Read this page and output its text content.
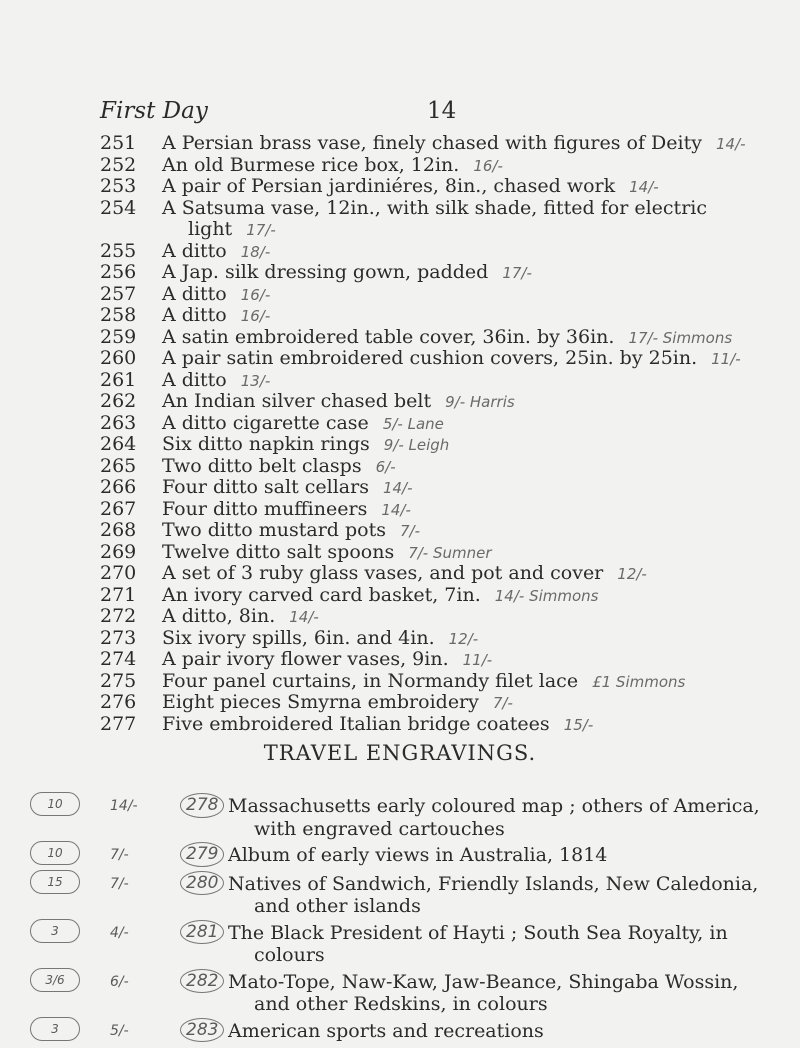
First Day	14
251 A Persian brass vase, finely chased with figures of Deity 14/-
252 An old Burmese rice box, 12in. 16/-
253 A pair of Persian jardiniéres, 8in., chased work 14/-
254 A Satsuma vase, 12in., with silk shade, fitted for electric
light 17/-
255 A ditto 18/-
256 A Jap. silk dressing gown, padded 17/-
257 A ditto 16/-
258 A ditto 16/-
259 A satin embroidered table cover, 36in. by 36in. 17/- Simmons
260 A pair satin embroidered cushion covers, 25in. by 25in. 11/-
261 A ditto 13/-
262 An Indian silver chased belt 9/- Harris
263 A ditto cigarette case 5/- Lane
264 Six ditto napkin rings 9/- Leigh
265 Two ditto belt clasps 6/-
266 Four ditto salt cellars 14/-
267 Four ditto muffineers 14/-
268 Two ditto mustard pots 7/-
269 Twelve ditto salt spoons 7/- Sumner
270 A set of 3 ruby glass vases, and pot and cover 12/-
271 An ivory carved card basket, 7in. 14/- Simmons
272 A ditto, 8in. 14/-
273 Six ivory spills, 6in. and 4in. 12/-
274 A pair ivory flower vases, 9in. 11/-
275 Four panel curtains, in Normandy filet lace £1 Simmons
276 Eight pieces Smyrna embroidery 7/-
277 Five embroidered Italian bridge coatees 15/-
TRAVEL ENGRAVINGS.
10	14/-	278 Massachusetts early coloured map ; others of America,

with engraved cartouches
10	7/-	279 Album of early views in Australia, 1814
15	7/-	280 Natives of Sandwich, Friendly Islands, New Caledonia,

and other islands
3	4/-	281 The Black President of Hayti ; South Sea Royalty, in

colours
3/6	6/-	282 Mato-Tope, Naw-Kaw, Jaw-Beance, Shingaba Wossin,

and other Redskins, in colours
3	5/-	283 American sports and recreations
